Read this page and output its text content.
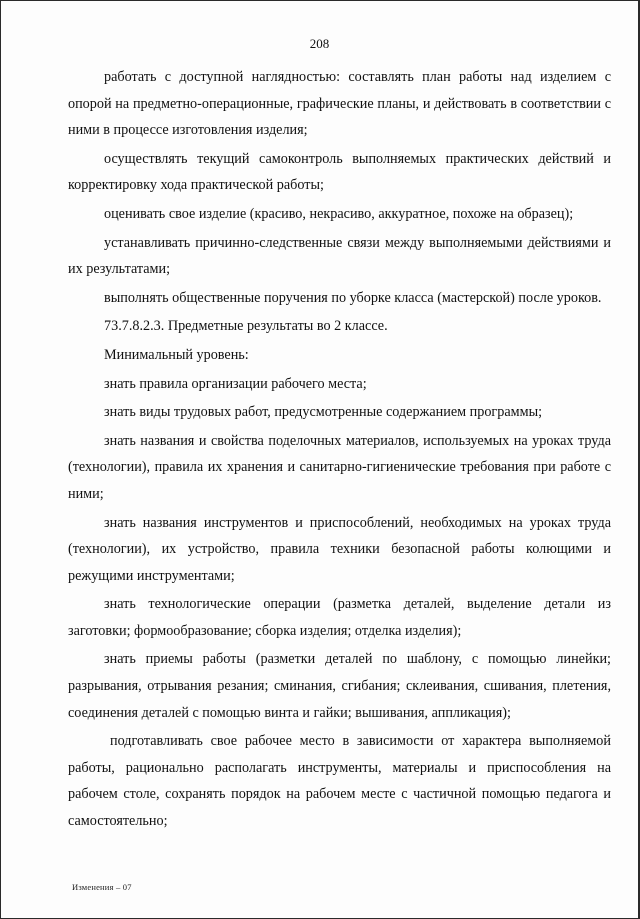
208

работать с доступной наглядностью: составлять план работы над изделием с опорой на предметно-операционные, графические планы, и действовать в соответствии с ними в процессе изготовления изделия;

осуществлять текущий самоконтроль выполняемых практических действий и корректировку хода практической работы;

оценивать свое изделие (красиво, некрасиво, аккуратное, похоже на образец);

устанавливать причинно-следственные связи между выполняемыми действиями и их результатами;

выполнять общественные поручения по уборке класса (мастерской) после уроков.

73.7.8.2.3. Предметные результаты во 2 классе.

Минимальный уровень:

знать правила организации рабочего места;

знать виды трудовых работ, предусмотренные содержанием программы;

знать названия и свойства поделочных материалов, используемых на уроках труда (технологии), правила их хранения и санитарно-гигиенические требования при работе с ними;

знать названия инструментов и приспособлений, необходимых на уроках труда (технологии), их устройство, правила техники безопасной работы колющими и режущими инструментами;

знать технологические операции (разметка деталей, выделение детали из заготовки; формообразование; сборка изделия; отделка изделия);

знать приемы работы (разметки деталей по шаблону, с помощью линейки; разрывания, отрывания резания; сминания, сгибания; склеивания, сшивания, плетения, соединения деталей с помощью винта и гайки; вышивания, аппликация);

подготавливать свое рабочее место в зависимости от характера выполняемой работы, рационально располагать инструменты, материалы и приспособления на рабочем столе, сохранять порядок на рабочем месте с частичной помощью педагога и самостоятельно;

Изменения – 07
